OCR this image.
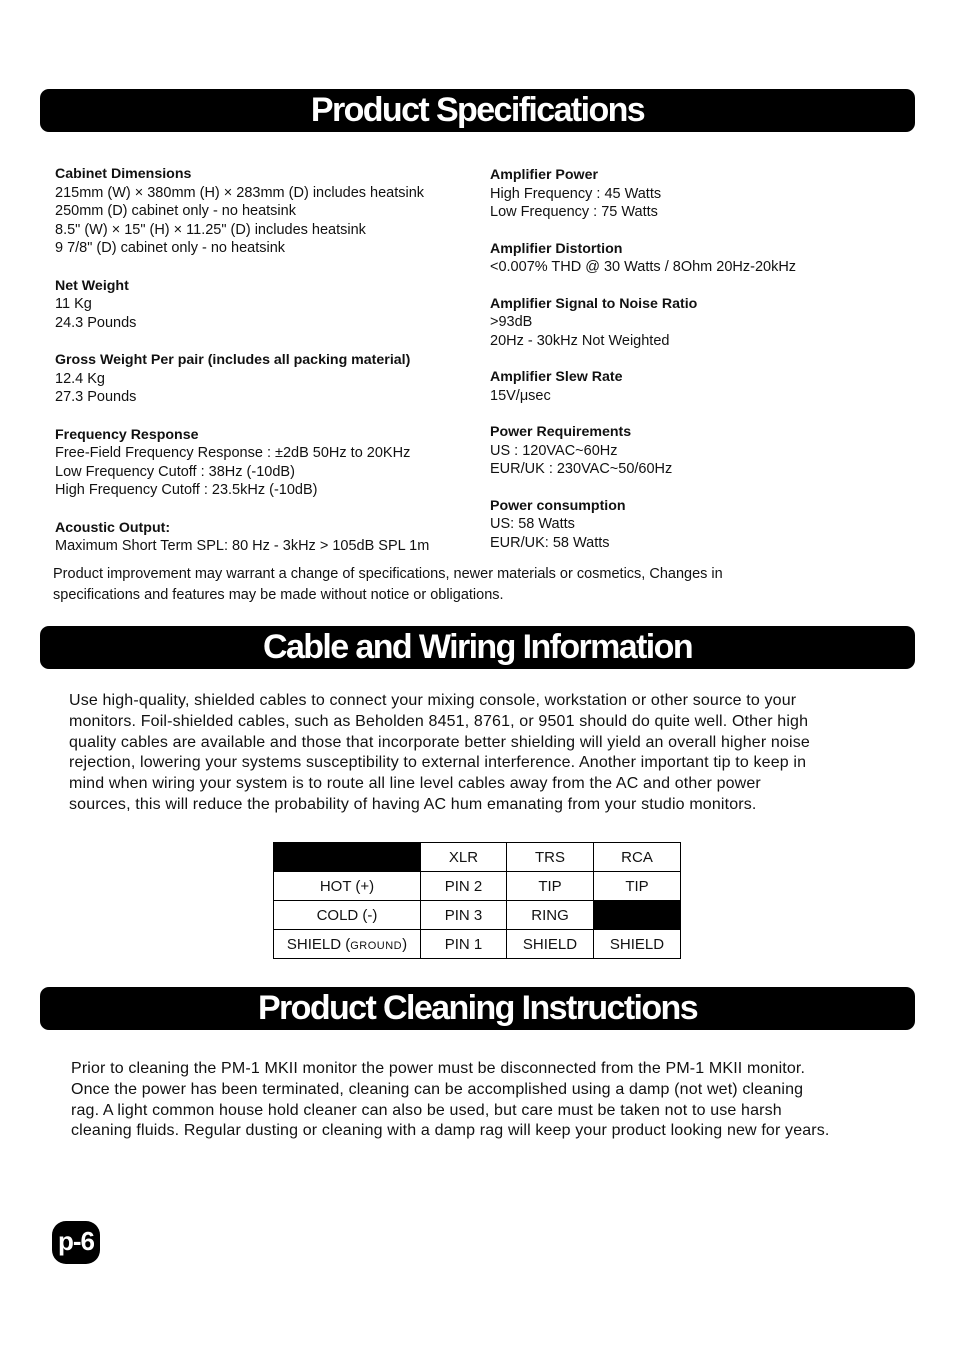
Product Specifications
Cable and Wiring Information
Product Cleaning Instructions
Cabinet Dimensions
215mm (W) × 380mm (H) × 283mm (D) includes heatsink
250mm (D) cabinet only - no heatsink
8.5" (W) × 15" (H) × 11.25" (D) includes heatsink
9 7/8" (D) cabinet only - no heatsink
Net Weight
11 Kg
24.3 Pounds
Gross Weight Per pair (includes all packing material)
12.4 Kg
27.3 Pounds
Frequency Response
Free-Field Frequency Response : ±2dB 50Hz to 20KHz
Low Frequency Cutoff : 38Hz (-10dB)
High Frequency Cutoff : 23.5kHz (-10dB)
Acoustic Output:
Maximum Short Term SPL: 80 Hz - 3kHz > 105dB SPL 1m
Amplifier Power
High Frequency : 45 Watts
Low Frequency : 75 Watts
Amplifier Distortion
<0.007% THD @ 30 Watts / 8Ohm 20Hz-20kHz
Amplifier Signal to Noise Ratio
>93dB
20Hz - 30kHz Not Weighted
Amplifier Slew Rate
15V/μsec
Power Requirements
US : 120VAC~60Hz
EUR/UK : 230VAC~50/60Hz
Power consumption
US: 58 Watts
EUR/UK: 58 Watts
Product improvement may warrant a change of specifications, newer materials or cosmetics, Changes in
specifications and features may be made without notice or obligations.
Use high-quality, shielded cables to connect your mixing console, workstation or other source to your
monitors. Foil-shielded cables, such as Beholden 8451, 8761, or 9501 should do quite well. Other high
quality cables are available and those that incorporate better shielding will yield an overall higher noise
rejection, lowering your systems susceptibility to external interference. Another important tip to keep in
mind when wiring your system is to route all line level cables away from the AC and other power
sources, this will reduce the probability of having AC hum emanating from your studio monitors.
	XLR	TRS	RCA
HOT (+)	PIN 2	TIP	TIP
COLD (-)	PIN 3	RING	
SHIELD (GROUND)	PIN 1	SHIELD	SHIELD
Prior to cleaning the PM-1 MKII monitor the power must be disconnected from the PM-1 MKII monitor.
Once the power has been terminated, cleaning can be accomplished using a damp (not wet) cleaning
rag. A light common house hold cleaner can also be used, but care must be taken not to use harsh
cleaning fluids. Regular dusting or cleaning with a damp rag will keep your product looking new for years.
p-6
